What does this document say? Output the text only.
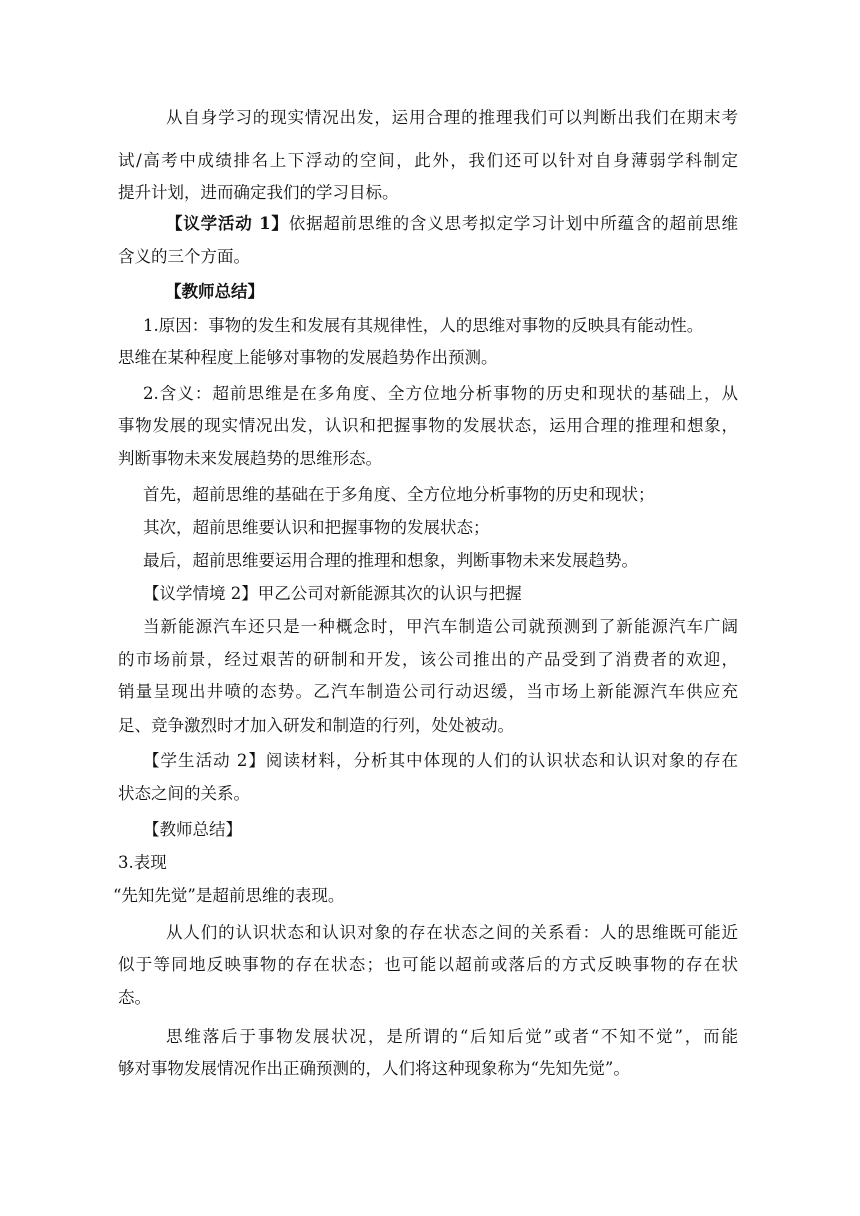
从自身学习的现实情况出发，运用合理的推理我们可以判断出我们在期末考
试/高考中成绩排名上下浮动的空间，此外，我们还可以针对自身薄弱学科制定
提升计划，进而确定我们的学习目标。
【议学活动 1】依据超前思维的含义思考拟定学习计划中所蕴含的超前思维
含义的三个方面。
【教师总结】
1.原因：事物的发生和发展有其规律性，人的思维对事物的反映具有能动性。
思维在某种程度上能够对事物的发展趋势作出预测。
2.含义：超前思维是在多角度、全方位地分析事物的历史和现状的基础上，从
事物发展的现实情况出发，认识和把握事物的发展状态，运用合理的推理和想象，
判断事物未来发展趋势的思维形态。
首先，超前思维的基础在于多角度、全方位地分析事物的历史和现状；
其次，超前思维要认识和把握事物的发展状态；
最后，超前思维要运用合理的推理和想象，判断事物未来发展趋势。
【议学情境 2】甲乙公司对新能源其次的认识与把握
当新能源汽车还只是一种概念时，甲汽车制造公司就预测到了新能源汽车广阔
的市场前景，经过艰苦的研制和开发，该公司推出的产品受到了消费者的欢迎，
销量呈现出井喷的态势。乙汽车制造公司行动迟缓，当市场上新能源汽车供应充
足、竞争激烈时才加入研发和制造的行列，处处被动。
【学生活动 2】阅读材料，分析其中体现的人们的认识状态和认识对象的存在
状态之间的关系。
【教师总结】
3.表现
“先知先觉”是超前思维的表现。
从人们的认识状态和认识对象的存在状态之间的关系看：人的思维既可能近
似于等同地反映事物的存在状态；也可能以超前或落后的方式反映事物的存在状
态。
思维落后于事物发展状况，是所谓的“后知后觉”或者“不知不觉”，而能
够对事物发展情况作出正确预测的，人们将这种现象称为“先知先觉”。
